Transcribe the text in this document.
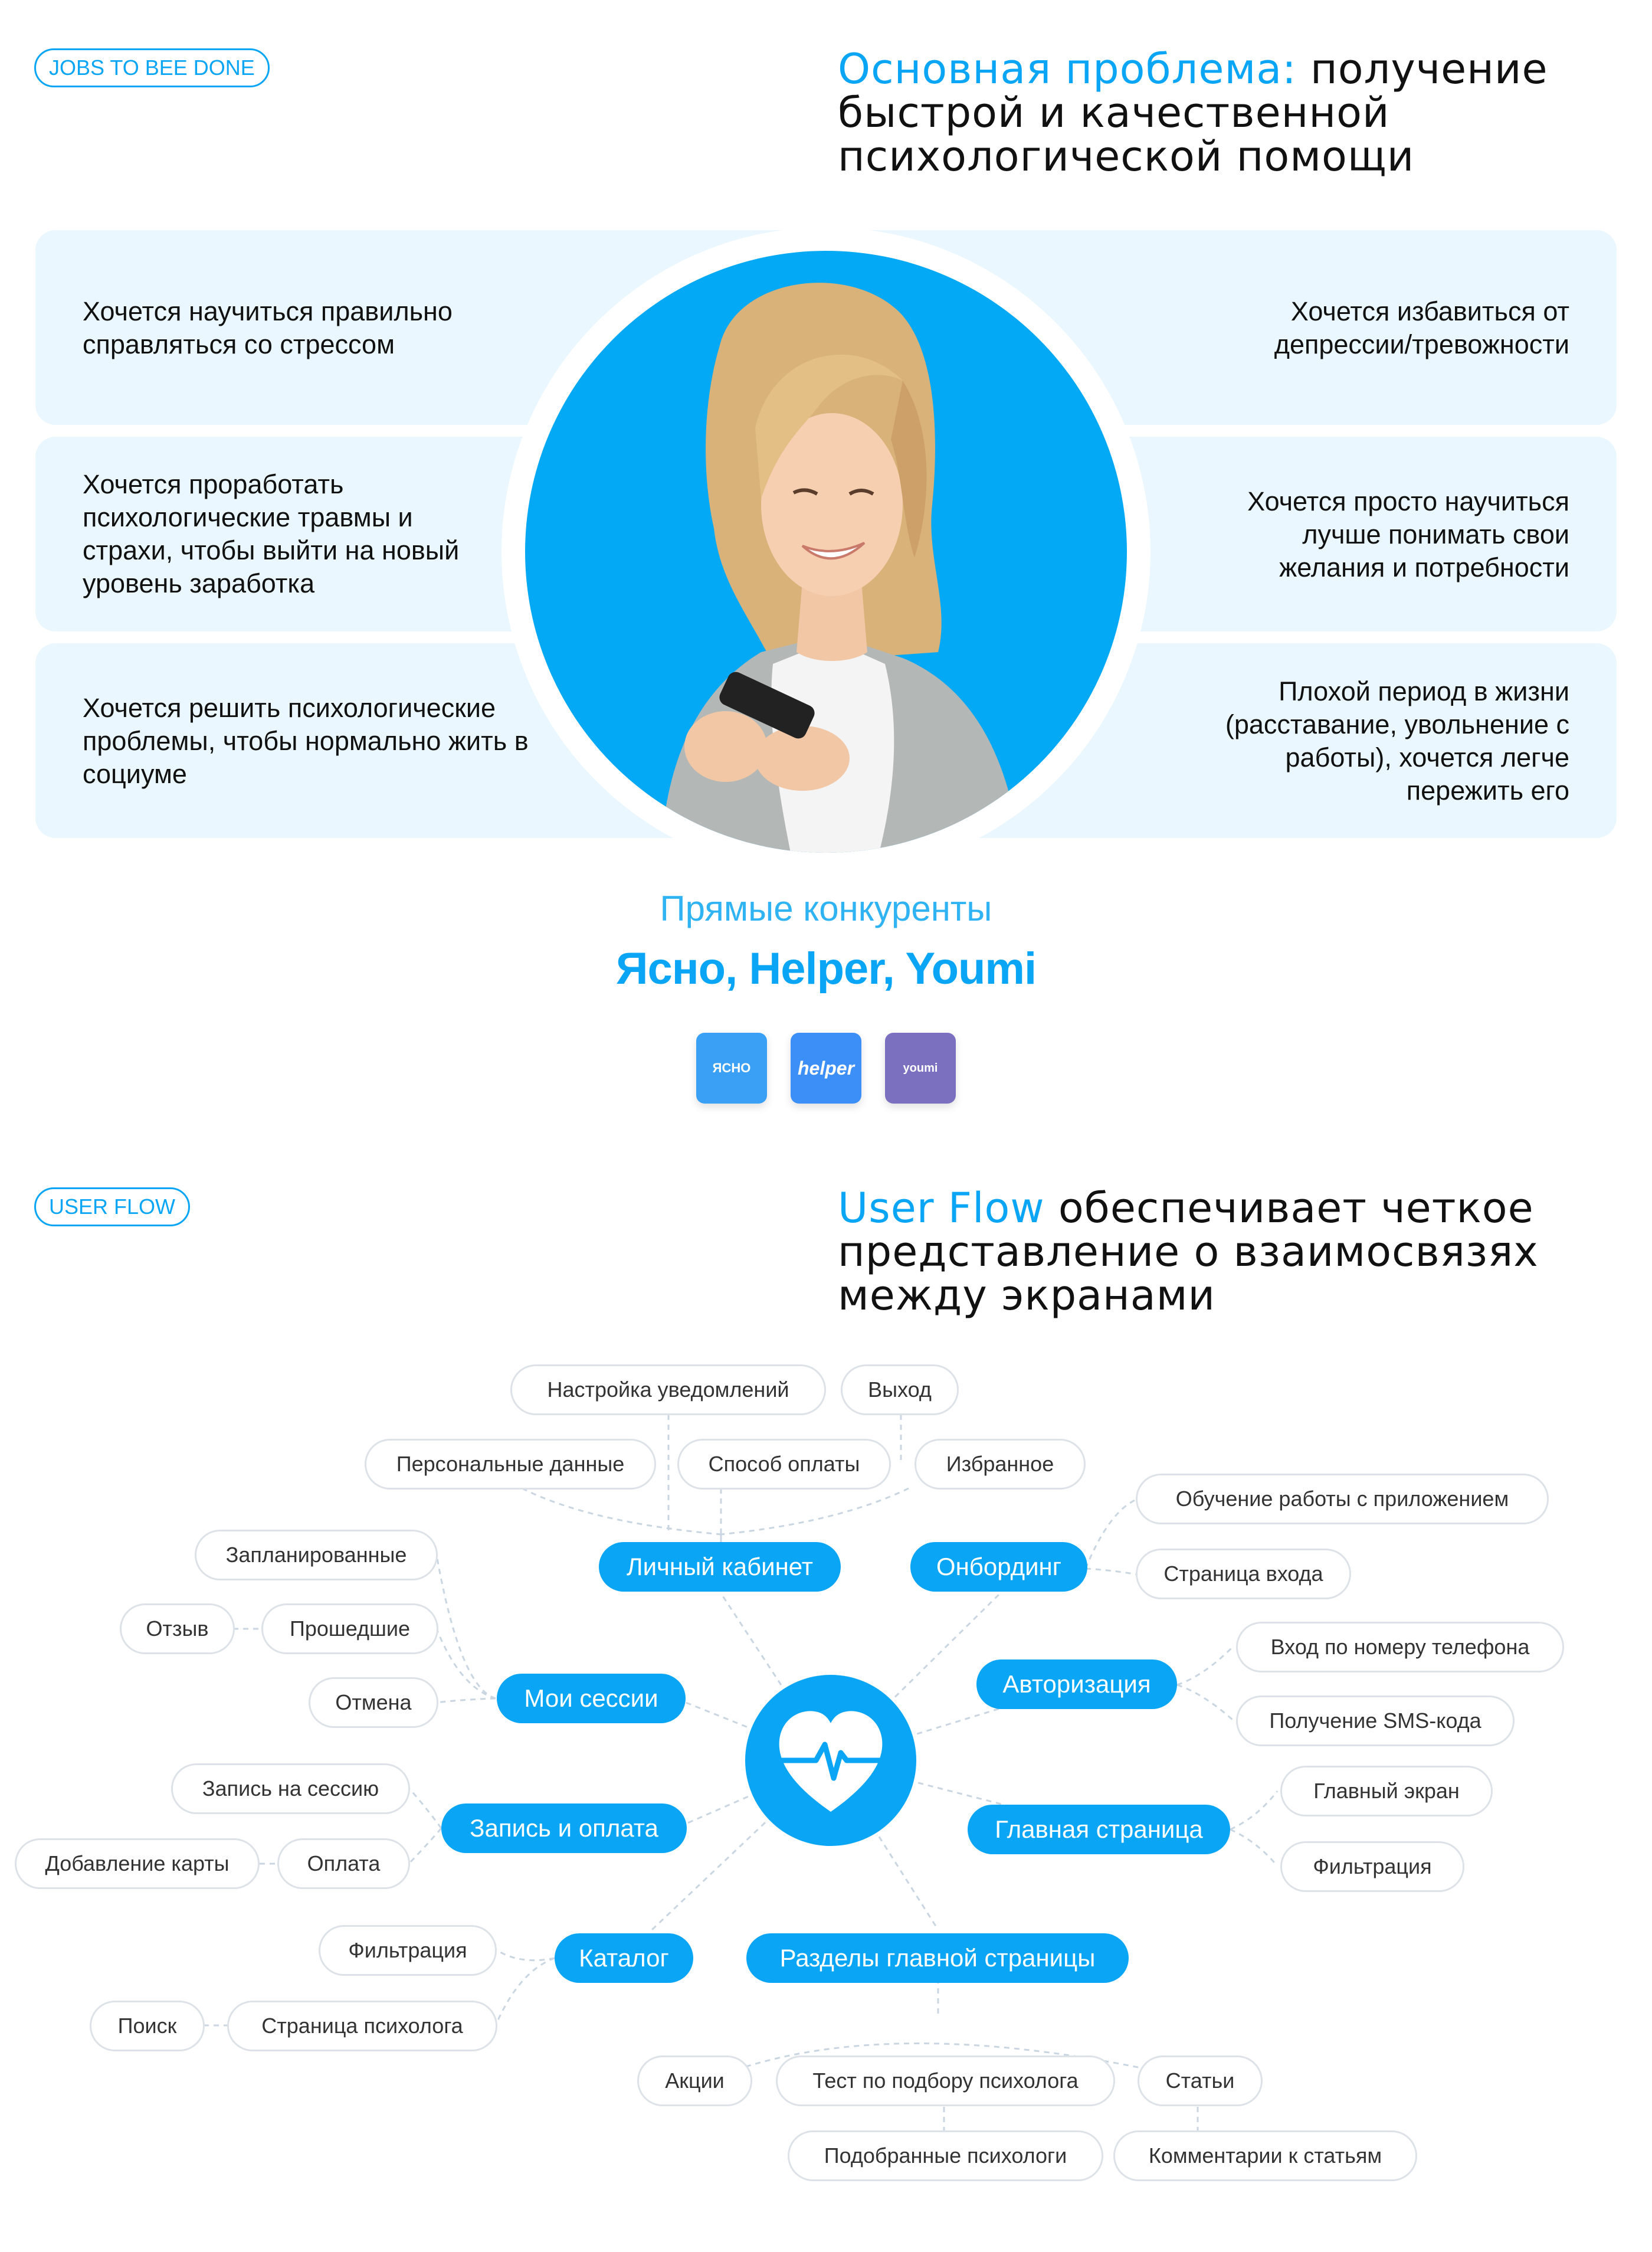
JOBS TO BEE DONE	Основная проблема: получение быстрой и качественной психологической помощи
Хочется научиться правильно справляться со стрессом
Хочется проработать психологические травмы и страхи, чтобы выйти на новый уровень заработка
Хочется решить психологические проблемы, чтобы нормально жить в социуме
Хочется избавиться от депрессии/тревожности
Хочется просто научиться лучше понимать свои желания и потребности
Плохой период в жизни (расставание, увольнение с работы), хочется легче пережить его
Прямые конкуренты
Ясно, Helper, Youmi
ЯСНО helper	youmi
USER FLOW	User Flow обеспечивает четкое представление о взаимосвязях между экранами
Личный кабинет	Онбординг
Мои сессии
Авторизация
Запись и оплата	Главная страница
Каталог	Разделы главной страницы
Настройка уведомлений	Выход
Персональные данные	Способ оплаты	Избранное
Обучение работы с приложением
Страница входа
Запланированные
Отзыв	Прошедшие
Отмена
Вход по номеру телефона
Получение SMS-кода
Запись на сессию
Добавление карты	Оплата
Главный экран
Фильтрация
Фильтрация
Поиск	Страница психолога
Акции	Тест по подбору психолога	Статьи
Подобранные психологи	Комментарии к статьям
